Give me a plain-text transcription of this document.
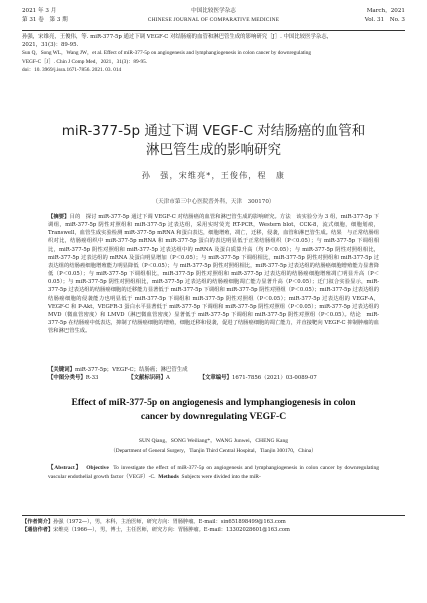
2021 年 3 月	中国比较医学杂志	March，2021
第 31 卷　第 3 期	CHINESE JOURNAL OF COMPARATIVE MEDICINE	Vol. 31　No. 3
孙强，宋维亮，王俊伟，等. miR-377-5p 通过下调 VEGF-C 对结肠癌的血管和淋巴管生成的影响研究［J］. 中国比较医学杂志，
2021，31(3)：89-95.
Sun Q，Song WL，Wang JW，et al. Effect of miR-377-5p on angiogenesis and lymphangiogenesis in colon cancer by downregulating
VEGF-C［J］. Chin J Comp Med，2021，31(3)：89-95.
doi：10. 3969/j.issn.1671-7856. 2021. 03. 014
miR-377-5p 通过下调 VEGF-C 对结肠癌的血管和
淋巴管生成的影响研究
孙　强，宋维亮*，王俊伟，程　康
（天津市第三中心医院普外科，天津　300170）
【摘要】目的　探讨 miR-377-5p 通过下调 VEGF-C 对结肠癌的血管和淋巴管生成的影响研究。方法　该实验分为 3 组，miR-377-5p 下调组，miR-377-5p 阴性对照组和 miR-377-5p 过表达组，采用实时荧光 RT-PCR，Western blot，CCK-8，流式细胞，细胞划痕，Transwell，血管生成实验检测 miR-377-5p mRNA 和蛋白表达，细胞增殖，凋亡，迁移，侵袭，血管和淋巴管生成。结果　与正常结肠组织对比，结肠癌组织中 miR-377-5p mRNA 和 miR-377-5p 蛋白的表达明显低于正常结肠组织（P＜0.05）；与 miR-377-5p 下调组相比，miR-377-5p 阴性对照组和 miR-377-5p 过表达组中的 mRNA 及蛋白质算升高（均 P＜0.05）；与 miR-377-5p 阴性对照组相比，miR-377-5p 过表达组的 mRNA 及蛋白明显增加（P＜0.05）；与 miR-377-5p 下调组相比，miR-377-5p 阴性对照组和 miR-377-5p 过表达组的结肠癌细胞增殖能力明显降低（P＜0.05）；与 miR-377-5p 阴性对照组相比，miR-377-5p 过表达组的结肠癌细胞增殖能力显著降低（P＜0.05）；与 miR-377-5p 下调组相比，miR-377-5p 阴性对照组和 miR-377-5p 过表达组的结肠癌细胞增殖凋亡明显升高（P＜0.05）；与 miR-377-5p 阴性对照组相比，miR-377-5p 过表达组的结肠癌细胞凋亡能力显著升高（P＜0.05）；迁门叙合实验显示，miR-377-5p 过表达组的结肠癌细胞的迁移能力显著低于 miR-377-5p 下调组和 miR-377-5p 阴性对照组（P＜0.05）；miR-377-5p 过表达组的结肠癌细胞的侵袭能力也明显低于 miR-377-5p 下调组和 miR-377-5p 阴性对照组（P＜0.05）；miR-377-5p 过表达组的 VEGF-A，VEGF-C 和 P-Akt，VEGFR-3 蛋白水平显著低于 miR-377-5p 下调组和 miR-377-5p 阴性对照组（P＜0.05）；miR-377-5p 过表达组的 MVD（微血管密度）和 LMVD（淋巴微血管密度）显著低于 miR-377-5p 下调组和 miR-377-5p 阴性对照组（P＜0.05）。结论　miR-377-5p 在结肠癌中低表达，抑制了结肠癌细胞的增殖，细胞迁移和侵袭，促进了结肠癌细胞的凋亡能力，并直接靶向 VEGF-C 抑制肿瘤的血管和淋巴管生成。
【关键词】miR-377-5p；VEGF-C；结肠癌；淋巴管生成
【中图分类号】R-33	【文献标识码】A	【文章编号】1671-7856（2021）03-0089-07
Effect of miR-377-5p on angiogenesis and lymphangiogenesis in colon
cancer by downregulating VEGF-C
SUN Qiang，SONG Weiliang*，WANG Junwei，CHENG Kang
（Department of General Surgery，Tianjin Third Central Hospital，Tianjin 300170，China）
【Abstract】 Objective To investigate the effect of miR-377-5p on angiogenesis and lymphangiogenesis in colon cancer by downregulating vascular endothelial growth factor（VEGF）-C. Methods Subjects were divided into the miR-
【作者简介】孙强（1972—），男，本科，主治医师，研究方向：胃肠肿瘤。E-mail：sin651898499@163.com
【通信作者】宋维亮（1966—），男，博士，主任医师，研究方向：胃肠肿瘤。E-mail：13302028601@163.com
